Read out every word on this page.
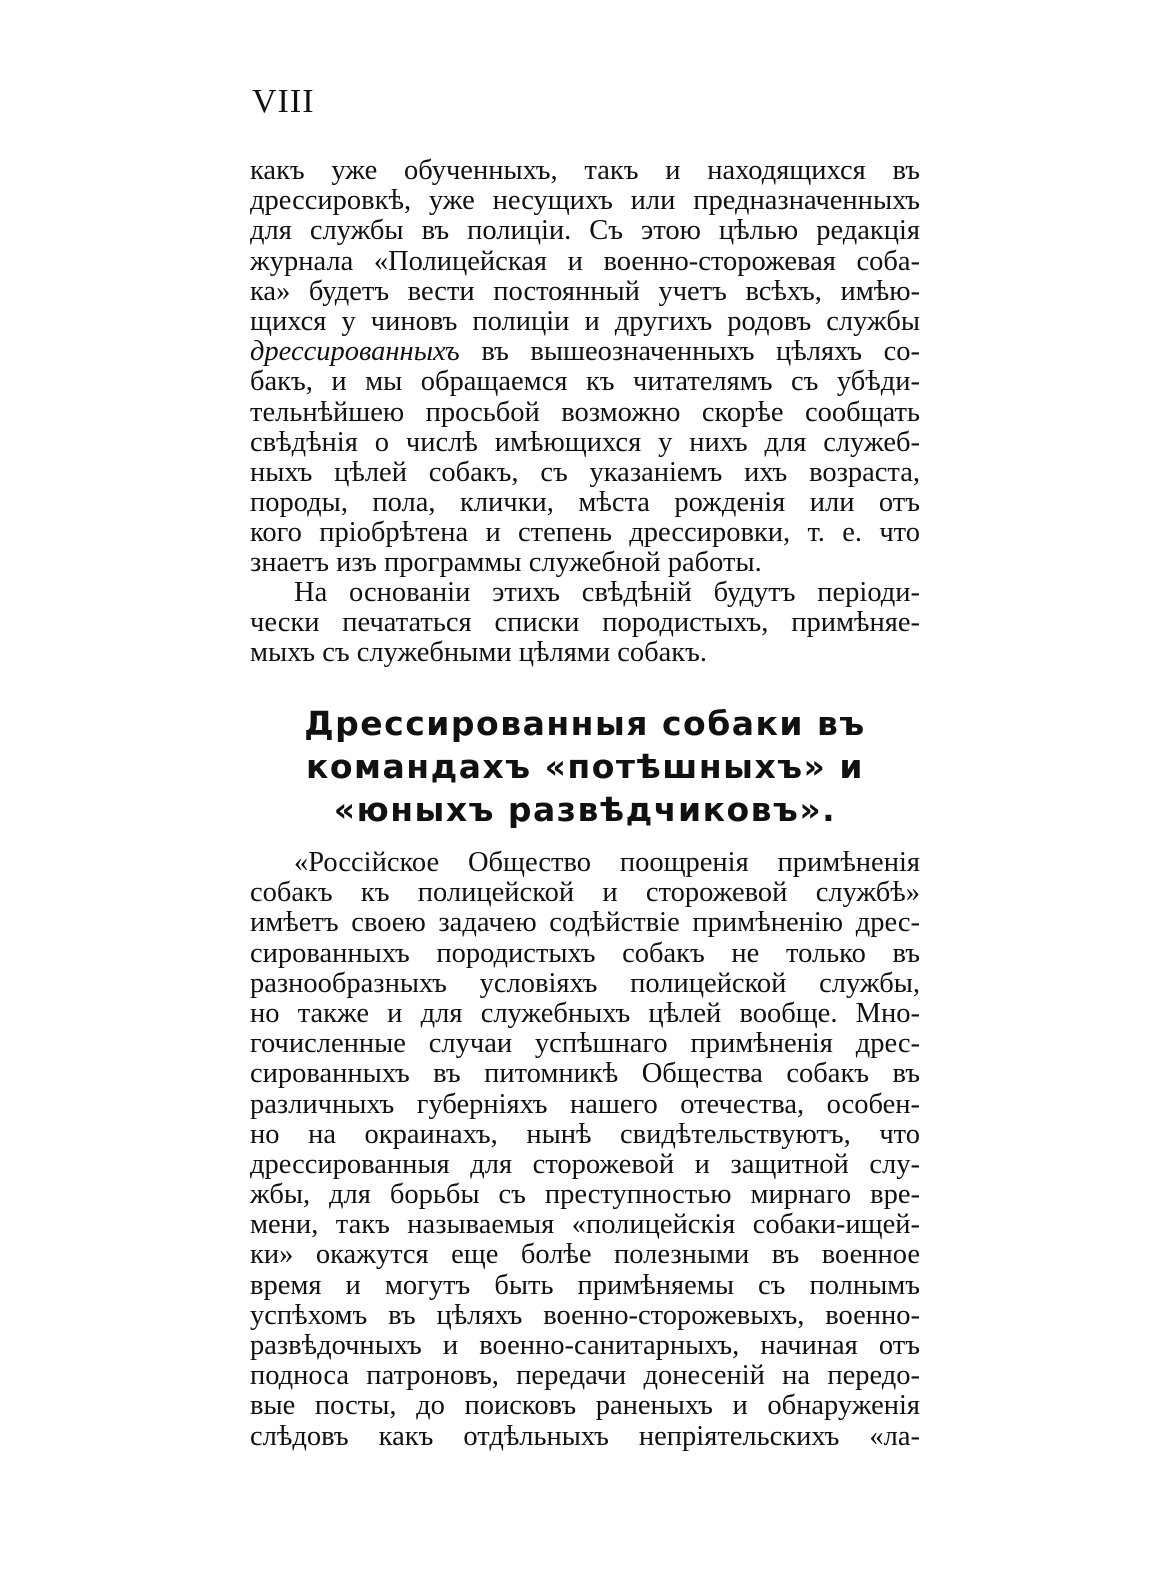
VIII
какъ уже обученныхъ, такъ и находящихся въ
дрессировкѣ, уже несущихъ или предназначенныхъ
для службы въ полиціи. Съ этою цѣлью редакція
журнала «Полицейская и военно-сторожевая соба-
ка» будетъ вести постоянный учетъ всѣхъ, имѣю-
щихся у чиновъ полиціи и другихъ родовъ службы
дрессированныхъ въ вышеозначенныхъ цѣляхъ со-
бакъ, и мы обращаемся къ читателямъ съ убѣди-
тельнѣйшею просьбой возможно скорѣе сообщать
свѣдѣнія о числѣ имѣющихся у нихъ для служеб-
ныхъ цѣлей собакъ, съ указаніемъ ихъ возраста,
породы, пола, клички, мѣста рожденія или отъ
кого пріобрѣтена и степень дрессировки, т. е. что
знаетъ изъ программы служебной работы.
На основаніи этихъ свѣдѣній будутъ періоди-
чески печататься списки породистыхъ, примѣняе-
мыхъ съ служебными цѣлями собакъ.
Дрессированныя собаки въ
командахъ «потѣшныхъ» и
«юныхъ развѣдчиковъ».
«Россійское Общество поощренія примѣненія
собакъ къ полицейской и сторожевой службѣ»
имѣетъ своею задачею содѣйствіе примѣненію дрес-
сированныхъ породистыхъ собакъ не только въ
разнообразныхъ условіяхъ полицейской службы,
но также и для служебныхъ цѣлей вообще. Мно-
гочисленные случаи успѣшнаго примѣненія дрес-
сированныхъ въ питомникѣ Общества собакъ въ
различныхъ губерніяхъ нашего отечества, особен-
но на окраинахъ, нынѣ свидѣтельствуютъ, что
дрессированныя для сторожевой и защитной слу-
жбы, для борьбы съ преступностью мирнаго вре-
мени, такъ называемыя «полицейскія собаки-ищей-
ки» окажутся еще болѣе полезными въ военное
время и могутъ быть примѣняемы съ полнымъ
успѣхомъ въ цѣляхъ военно-сторожевыхъ, военно-
развѣдочныхъ и военно-санитарныхъ, начиная отъ
подноса патроновъ, передачи донесеній на передо-
вые посты, до поисковъ раненыхъ и обнаруженія
слѣдовъ какъ отдѣльныхъ непріятельскихъ «ла-
